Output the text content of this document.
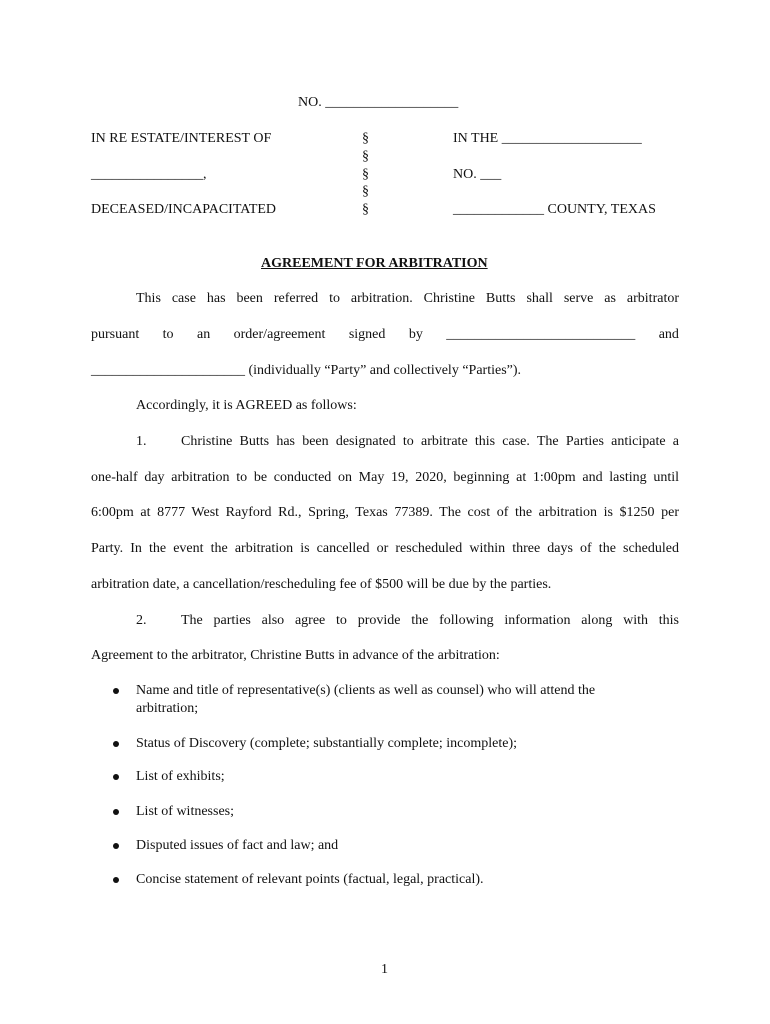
NO. ___________________
IN RE ESTATE/INTEREST OF
________________,
DECEASED/INCAPACITATED
§
§
§
§
§
IN THE ____________________
NO. ___
_____________ COUNTY, TEXAS
AGREEMENT FOR ARBITRATION
This case has been referred to arbitration. Christine Butts shall serve as arbitrator
pursuant to an order/agreement signed by ___________________________ and
______________________ (individually “Party” and collectively “Parties”).
Accordingly, it is AGREED as follows:
1. Christine Butts has been designated to arbitrate this case. The Parties anticipate a
one-half day arbitration to be conducted on May 19, 2020, beginning at 1:00pm and lasting until
6:00pm at 8777 West Rayford Rd., Spring, Texas 77389. The cost of the arbitration is $1250 per
Party. In the event the arbitration is cancelled or rescheduled within three days of the scheduled
arbitration date, a cancellation/rescheduling fee of $500 will be due by the parties.
2. The parties also agree to provide the following information along with this
Agreement to the arbitrator, Christine Butts in advance of the arbitration:
Name and title of representative(s) (clients as well as counsel) who will attend the arbitration;
Status of Discovery (complete; substantially complete; incomplete);
List of exhibits;
List of witnesses;
Disputed issues of fact and law; and
Concise statement of relevant points (factual, legal, practical).
1
